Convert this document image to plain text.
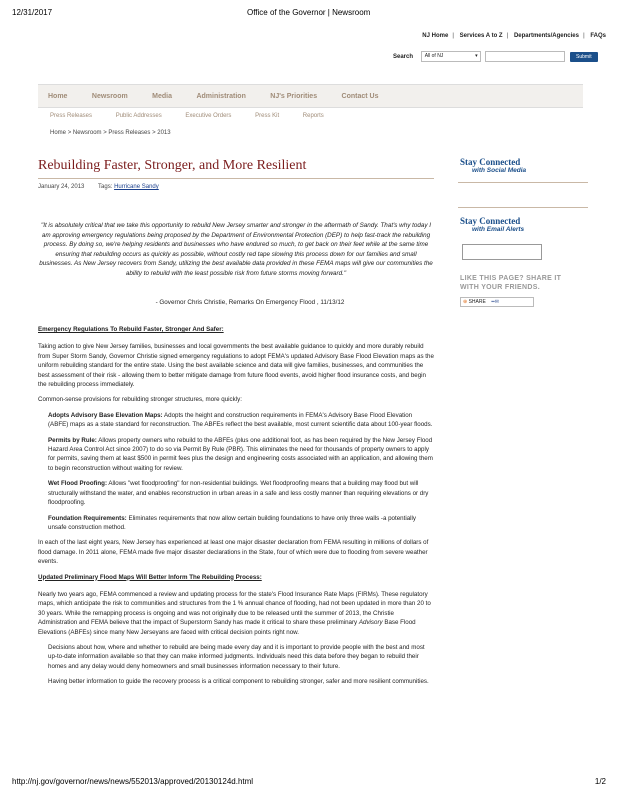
12/31/2017	Office of the Governor | Newsroom
NJ Home | Services A to Z | Departments/Agencies | FAQs
Search All of NJ	▾	Submit
Home	Newsroom	Media	Administration	NJ's Priorities	Contact Us
Press Releases	Public Addresses	Executive Orders	Press Kit	Reports
Home > Newsroom > Press Releases > 2013
Rebuilding Faster, Stronger, and More Resilient
January 24, 2013 Tags: Hurricane Sandy
"It is absolutely critical that we take this opportunity to rebuild New Jersey smarter and stronger in the aftermath of Sandy. That's why today I am approving emergency regulations being proposed by the Department of Environmental Protection (DEP) to help fast-track the rebuilding process. By doing so, we're helping residents and businesses who have endured so much, to get back on their feet while at the same time ensuring that rebuilding occurs as quickly as possible, without costly red tape slowing this process down for our families and small businesses. As New Jersey recovers from Sandy, utilizing the best available data provided in these FEMA maps will give our communities the ability to rebuild with the least possible risk from future storms moving forward."
- Governor Chris Christie, Remarks On Emergency Flood , 11/13/12

Emergency Regulations To Rebuild Faster, Stronger And Safer:

Taking action to give New Jersey families, businesses and local governments the best available guidance to quickly and more durably rebuild from Super Storm Sandy, Governor Christie signed emergency regulations to adopt FEMA's updated Advisory Base Flood Elevation maps as the uniform rebuilding standard for the entire state. Using the best available science and data will give families, businesses, and communities the best assessment of their risk - allowing them to better mitigate damage from future flood events, avoid higher flood insurance costs, and begin the rebuilding process immediately.

Common-sense provisions for rebuilding stronger structures, more quickly:

Adopts Advisory Base Elevation Maps: Adopts the height and construction requirements in FEMA's Advisory Base Flood Elevation (ABFE) maps as a state standard for reconstruction. The ABFEs reflect the best available, most current scientific data about 100-year floods.

Permits by Rule: Allows property owners who rebuild to the ABFEs (plus one additional foot, as has been required by the New Jersey Flood Hazard Area Control Act since 2007) to do so via Permit By Rule (PBR). This eliminates the need for thousands of property owners to apply for permits, saving them at least $500 in permit fees plus the design and engineering costs associated with an application, and allowing them to begin reconstruction without waiting for review.

Wet Flood Proofing: Allows "wet floodproofing" for non-residential buildings. Wet floodproofing means that a building may flood but will structurally withstand the water, and enables reconstruction in urban areas in a safe and less costly manner than requiring elevations or dry floodproofing.

Foundation Requirements: Eliminates requirements that now allow certain building foundations to have only three walls -a potentially unsafe construction method.

In each of the last eight years, New Jersey has experienced at least one major disaster declaration from FEMA resulting in millions of dollars of flood damage. In 2011 alone, FEMA made five major disaster declarations in the State, four of which were due to flooding from severe weather events.

Updated Preliminary Flood Maps Will Better Inform The Rebuilding Process:

Nearly two years ago, FEMA commenced a review and updating process for the state's Flood Insurance Rate Maps (FIRMs). These regulatory maps, which anticipate the risk to communities and structures from the 1 % annual chance of flooding, had not been updated in more than 20 to 30 years. While the remapping process is ongoing and was not originally due to be released until the summer of 2013, the Christie Administration and FEMA believe that the impact of Superstorm Sandy has made it critical to share these preliminary Advisory Base Flood Elevations (ABFEs) since many New Jerseyans are faced with critical decision points right now.

Decisions about how, where and whether to rebuild are being made every day and it is important to provide people with the best and most up-to-date information available so that they can make informed judgments. Individuals need this data before they began to rebuild their homes and any delay would deny homeowners and small businesses information necessary to their future.

Having better information to guide the recovery process is a critical component to rebuilding stronger, safer and more resilient communities.

Stay Connected
with Social Media
Stay Connected
with Email Alerts
LIKE THIS PAGE? SHARE IT WITH YOUR FRIENDS.
⊕ SHARE ▪▪✉
http://nj.gov/governor/news/news/552013/approved/20130124d.html	1/2
